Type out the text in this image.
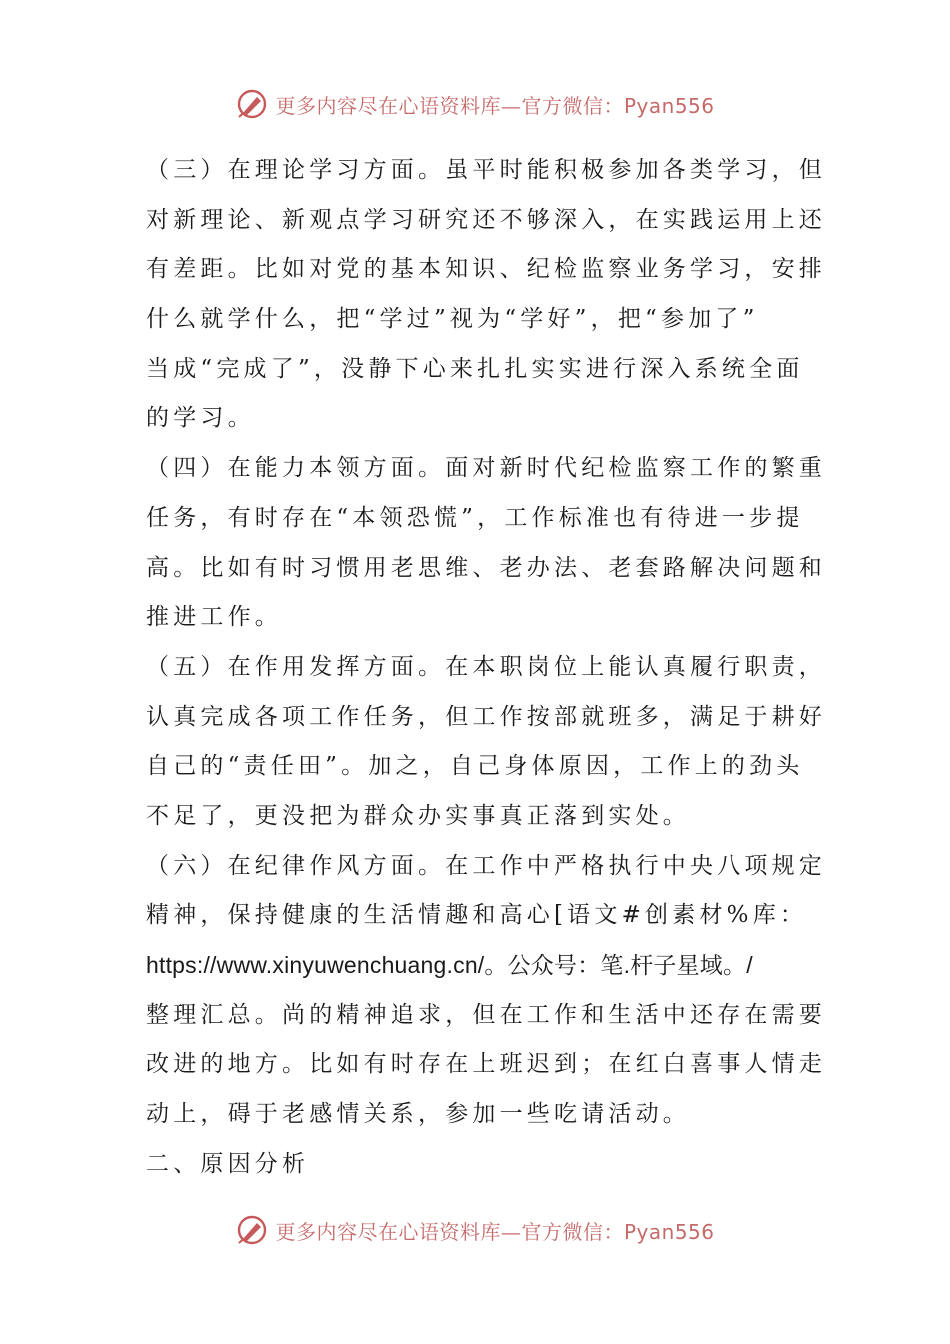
更多内容尽在心语资料库—官方微信：Pyan556
（三）在理论学习方面。虽平时能积极参加各类学习，但
对新理论、新观点学习研究还不够深入，在实践运用上还
有差距。比如对党的基本知识、纪检监察业务学习，安排
什么就学什么，把“学过”视为“学好”，把“参加了”
当成“完成了”，没静下心来扎扎实实进行深入系统全面
的学习。
（四）在能力本领方面。面对新时代纪检监察工作的繁重
任务，有时存在“本领恐慌”，工作标准也有待进一步提
高。比如有时习惯用老思维、老办法、老套路解决问题和
推进工作。
（五）在作用发挥方面。在本职岗位上能认真履行职责，
认真完成各项工作任务，但工作按部就班多，满足于耕好
自己的“责任田”。加之，自己身体原因，工作上的劲头
不足了，更没把为群众办实事真正落到实处。
（六）在纪律作风方面。在工作中严格执行中央八项规定
精神，保持健康的生活情趣和高心[语文#创素材%库：
https://www.xinyuwenchuang.cn/。公众号：笔.杆子星域。/
整理汇总。尚的精神追求，但在工作和生活中还存在需要
改进的地方。比如有时存在上班迟到；在红白喜事人情走
动上，碍于老感情关系，参加一些吃请活动。
二、原因分析
更多内容尽在心语资料库—官方微信：Pyan556
